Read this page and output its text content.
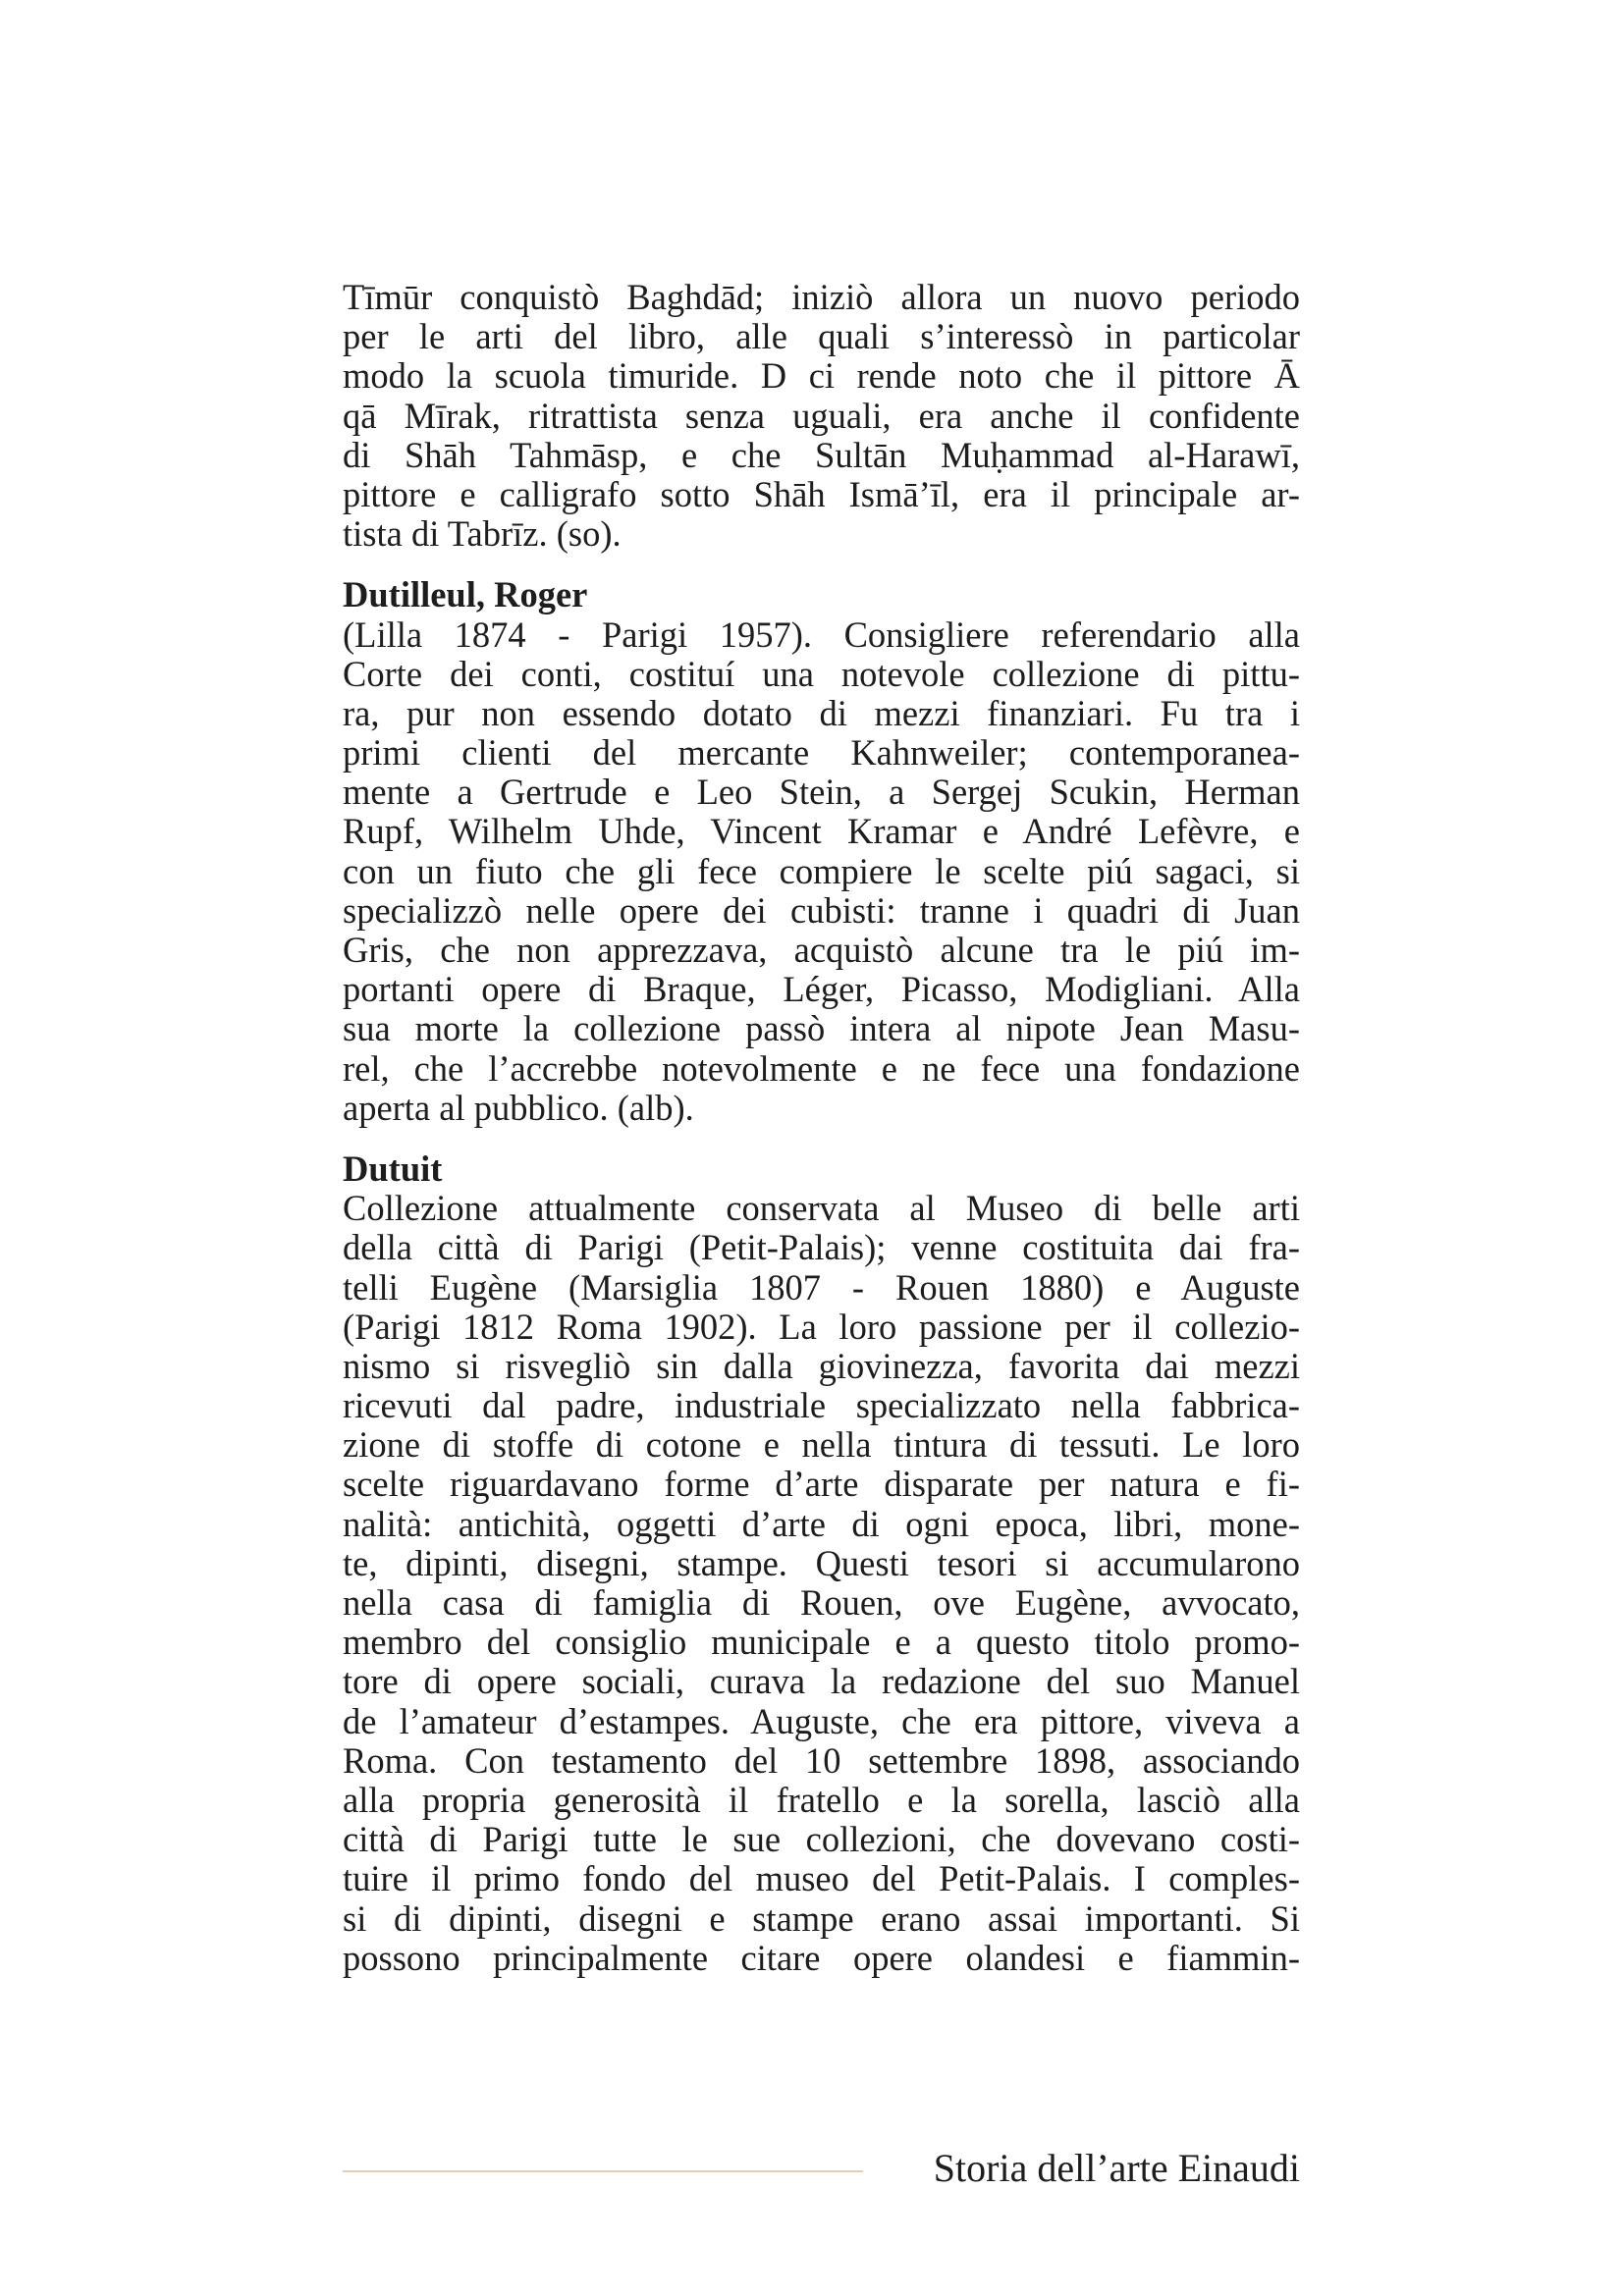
Tīmūr conquistò Baghdād; iniziò allora un nuovo periodo
per le arti del libro, alle quali s’interessò in particolar
modo la scuola timuride. D ci rende noto che il pittore Ā
qā Mīrak, ritrattista senza uguali, era anche il confidente
di Shāh Tahmāsp, e che Sultān Muḥammad al-Harawī,
pittore e calligrafo sotto Shāh Ismā’īl, era il principale ar-
tista di Tabrīz. (so).
Dutilleul, Roger
(Lilla 1874 - Parigi 1957). Consigliere referendario alla
Corte dei conti, costituí una notevole collezione di pittu-
ra, pur non essendo dotato di mezzi finanziari. Fu tra i
primi clienti del mercante Kahnweiler; contemporanea-
mente a Gertrude e Leo Stein, a Sergej Scukin, Herman
Rupf, Wilhelm Uhde, Vincent Kramar e André Lefèvre, e
con un fiuto che gli fece compiere le scelte piú sagaci, si
specializzò nelle opere dei cubisti: tranne i quadri di Juan
Gris, che non apprezzava, acquistò alcune tra le piú im-
portanti opere di Braque, Léger, Picasso, Modigliani. Alla
sua morte la collezione passò intera al nipote Jean Masu-
rel, che l’accrebbe notevolmente e ne fece una fondazione
aperta al pubblico. (alb).
Dutuit
Collezione attualmente conservata al Museo di belle arti
della città di Parigi (Petit-Palais); venne costituita dai fra-
telli Eugène (Marsiglia 1807 - Rouen 1880) e Auguste
(Parigi 1812 Roma 1902). La loro passione per il collezio-
nismo si risvegliò sin dalla giovinezza, favorita dai mezzi
ricevuti dal padre, industriale specializzato nella fabbrica-
zione di stoffe di cotone e nella tintura di tessuti. Le loro
scelte riguardavano forme d’arte disparate per natura e fi-
nalità: antichità, oggetti d’arte di ogni epoca, libri, mone-
te, dipinti, disegni, stampe. Questi tesori si accumularono
nella casa di famiglia di Rouen, ove Eugène, avvocato,
membro del consiglio municipale e a questo titolo promo-
tore di opere sociali, curava la redazione del suo Manuel
de l’amateur d’estampes. Auguste, che era pittore, viveva a
Roma. Con testamento del 10 settembre 1898, associando
alla propria generosità il fratello e la sorella, lasciò alla
città di Parigi tutte le sue collezioni, che dovevano costi-
tuire il primo fondo del museo del Petit-Palais. I comples-
si di dipinti, disegni e stampe erano assai importanti. Si
possono principalmente citare opere olandesi e fiammin-
Storia dell’arte Einaudi
